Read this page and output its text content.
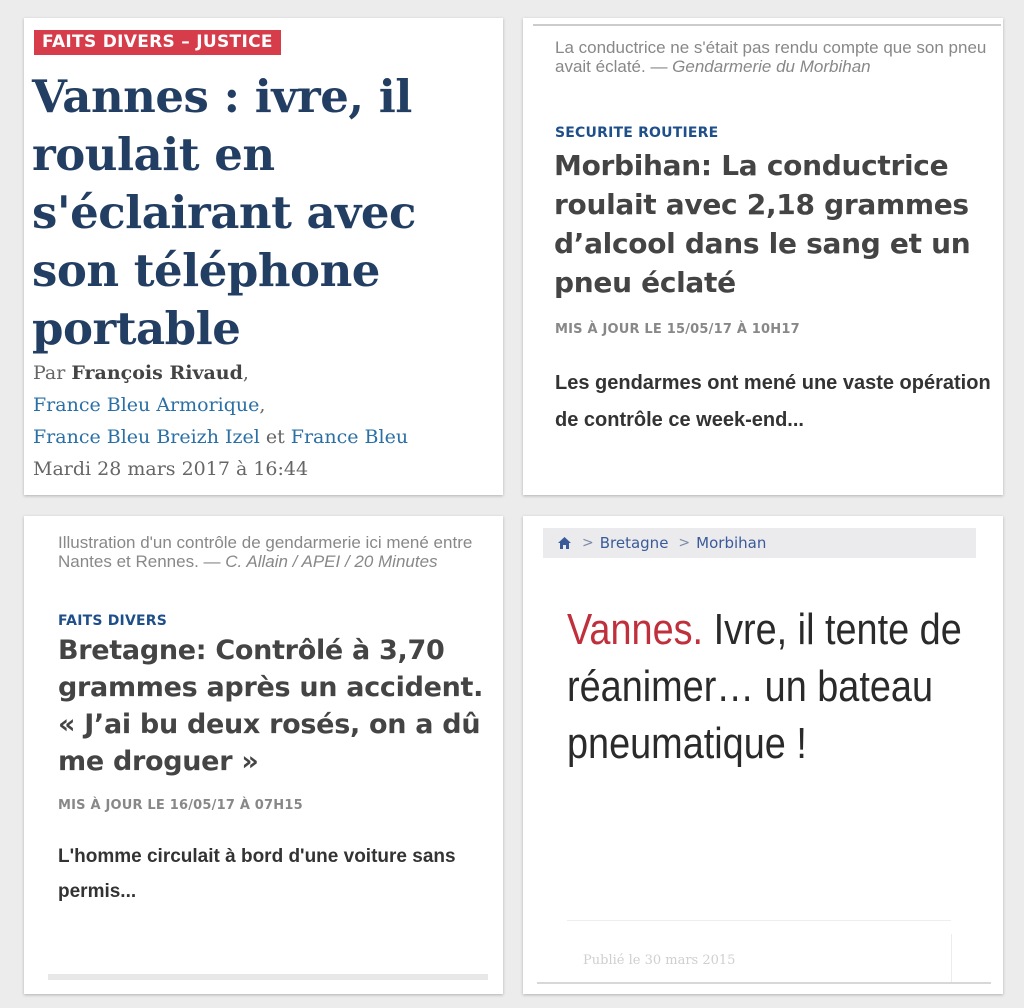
FAITS DIVERS – JUSTICE
Vannes : ivre, il roulait en s'éclairant avec son téléphone portable
Par François Rivaud,
France Bleu Armorique,
France Bleu Breizh Izel et France Bleu
Mardi 28 mars 2017 à 16:44
La conductrice ne s'était pas rendu compte que son pneu avait éclaté. — Gendarmerie du Morbihan
SECURITE ROUTIERE
Morbihan: La conductrice roulait avec 2,18 grammes d’alcool dans le sang et un pneu éclaté
MIS À JOUR LE 15/05/17 À 10H17
Les gendarmes ont mené une vaste opération de contrôle ce week-end...
Illustration d'un contrôle de gendarmerie ici mené entre Nantes et Rennes. — C. Allain / APEI / 20 Minutes
FAITS DIVERS
Bretagne: Contrôlé à 3,70 grammes après un accident. « J’ai bu deux rosés, on a dû me droguer »
MIS À JOUR LE 16/05/17 À 07H15
L'homme circulait à bord d'une voiture sans permis...
> Bretagne > Morbihan
Vannes. Ivre, il tente de réanimer… un bateau pneumatique !
Publié le 30 mars 2015
